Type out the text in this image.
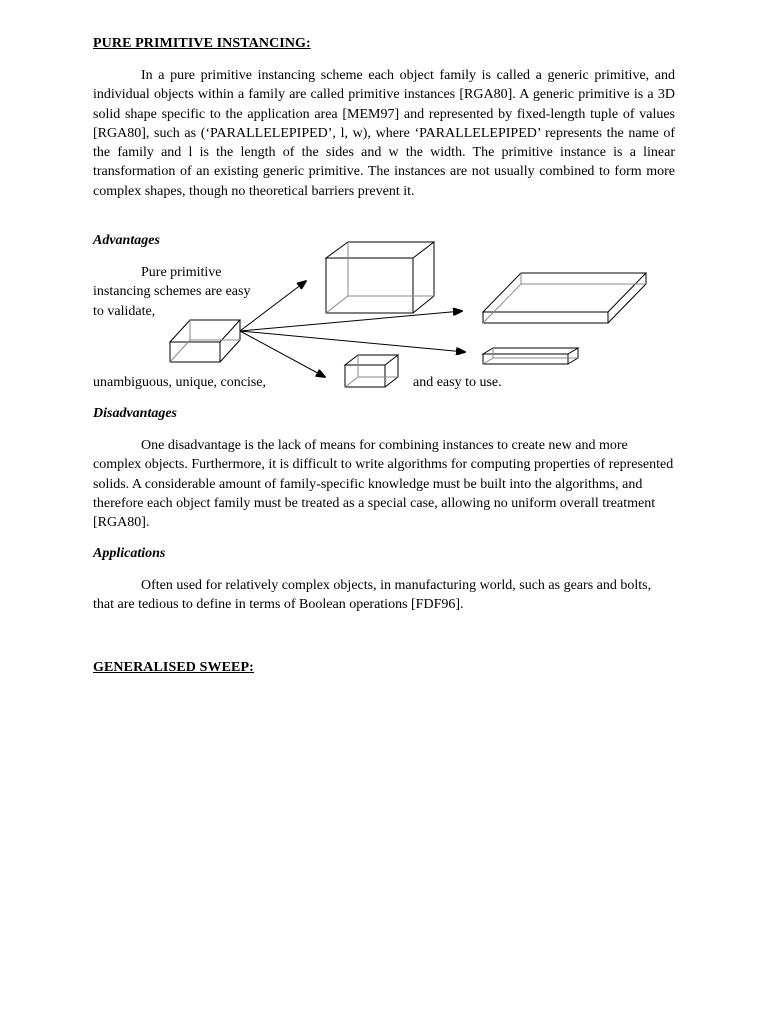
PURE PRIMITIVE INSTANCING:
In a pure primitive instancing scheme each object family is called a generic primitive, and individual objects within a family are called primitive instances [RGA80]. A generic primitive is a 3D solid shape specific to the application area [MEM97] and represented by fixed-length tuple of values [RGA80], such as (‘PARALLELEPIPED’, l, w), where ‘PARALLELEPIPED’ represents the name of the family and l is the length of the sides and w the width. The primitive instance is a linear transformation of an existing generic primitive. The instances are not usually combined to form more complex shapes, though no theoretical barriers prevent it.
Advantages
Pure primitive instancing schemes are easy to validate,
unambiguous, unique, concise,	and easy to use.
Disadvantages
One disadvantage is the lack of means for combining instances to create new and more complex objects. Furthermore, it is difficult to write algorithms for computing properties of represented solids. A considerable amount of family-specific knowledge must be built into the algorithms, and therefore each object family must be treated as a special case, allowing no uniform overall treatment [RGA80].
Applications
Often used for relatively complex objects, in manufacturing world, such as gears and bolts, that are tedious to define in terms of Boolean operations [FDF96].
GENERALISED SWEEP:
